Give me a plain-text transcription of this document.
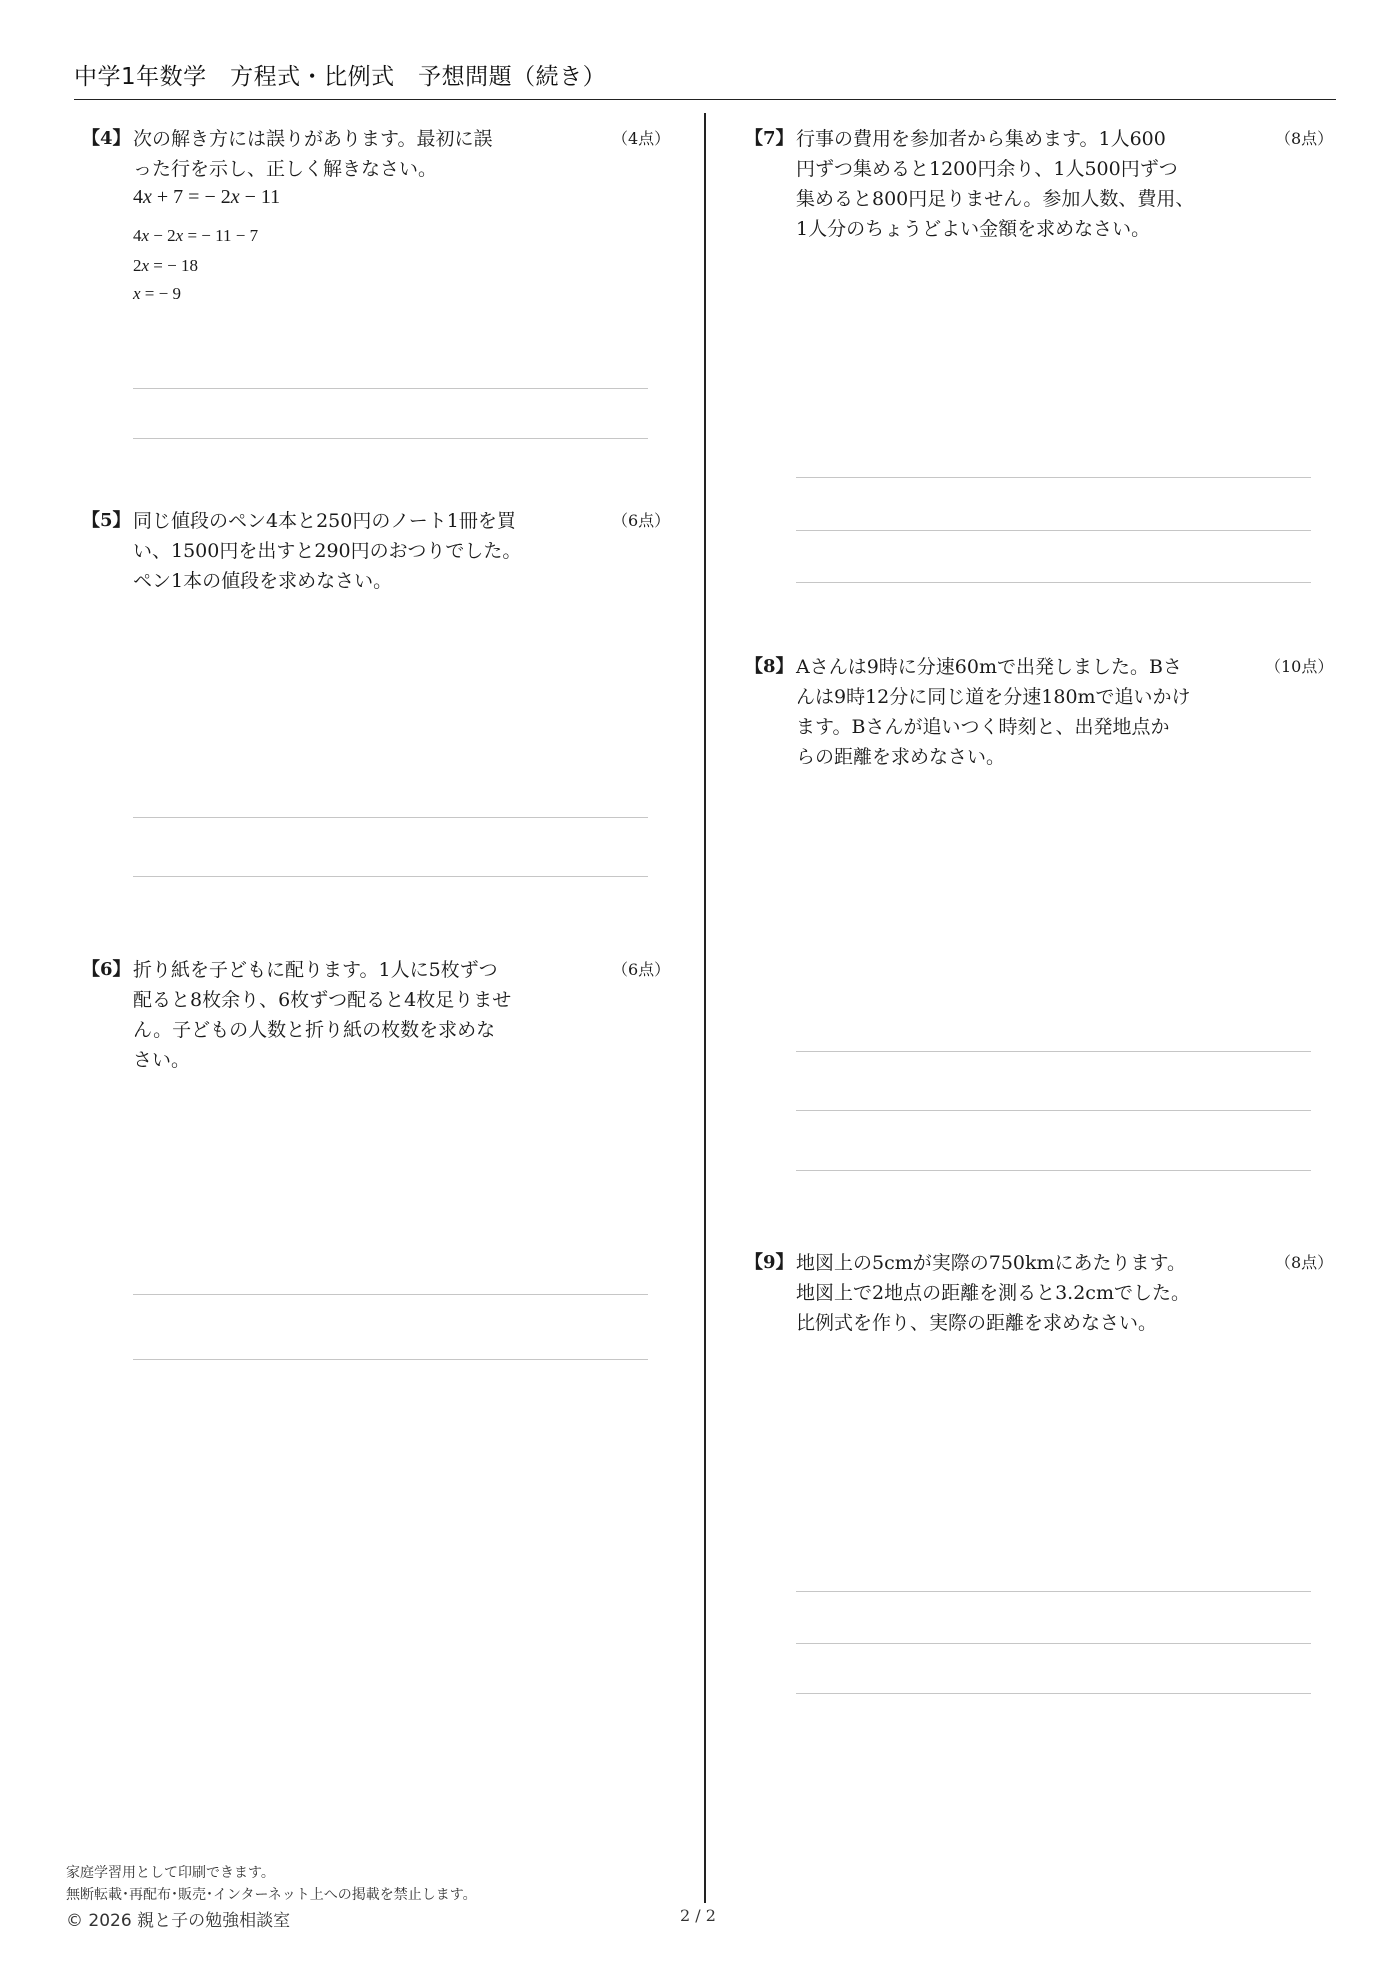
中学1年数学　方程式・比例式　予想問題（続き）
【4】 次の解き方には誤りがあります。最初に誤
った行を示し、正しく解きなさい。
（4点）
4x + 7 = − 2x − 11
4x − 2x = − 11 − 7
2x = − 18
x = − 9
【5】 同じ値段のペン4本と250円のノート1冊を買
い、1500円を出すと290円のおつりでした。
ペン1本の値段を求めなさい。
（6点）
【6】 折り紙を子どもに配ります。1人に5枚ずつ
配ると8枚余り、6枚ずつ配ると4枚足りませ
ん。子どもの人数と折り紙の枚数を求めな
さい。
（6点）
【7】 行事の費用を参加者から集めます。1人600
円ずつ集めると1200円余り、1人500円ずつ
集めると800円足りません。参加人数、費用、
1人分のちょうどよい金額を求めなさい。
（8点）
【8】 Aさんは9時に分速60mで出発しました。Bさ
んは9時12分に同じ道を分速180mで追いかけ
ます。Bさんが追いつく時刻と、出発地点か
らの距離を求めなさい。
（10点）
【9】 地図上の5cmが実際の750kmにあたります。
地図上で2地点の距離を測ると3.2cmでした。
比例式を作り、実際の距離を求めなさい。
（8点）
家庭学習用として印刷できます。
無断転載･再配布･販売･インターネット上への掲載を禁止します。
© 2026 親と子の勉強相談室	2 / 2
